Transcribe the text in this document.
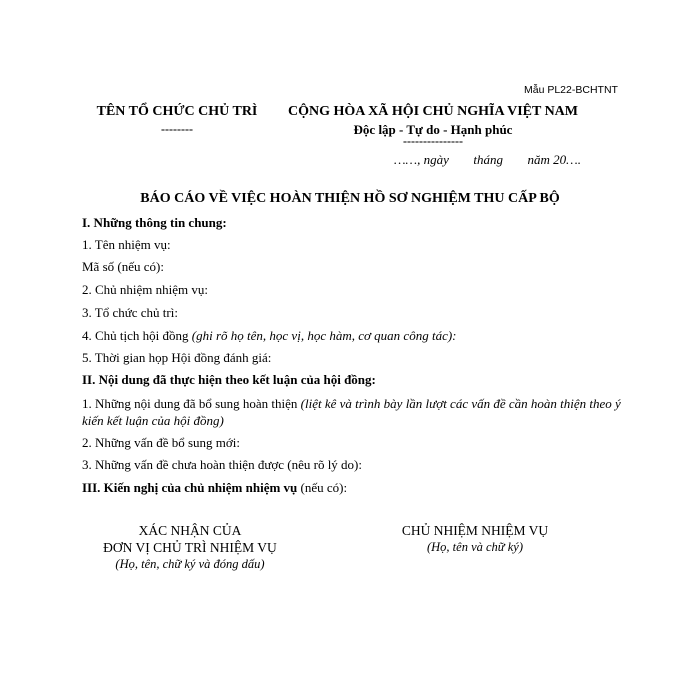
Mẫu PL22-BCHTNT
TÊN TỔ CHỨC CHỦ TRÌ
--------
CỘNG HÒA XÃ HỘI CHỦ NGHĨA VIỆT NAM
Độc lập - Tự do - Hạnh phúc
---------------
……, ngày tháng năm 20….
BÁO CÁO VỀ VIỆC HOÀN THIỆN HỒ SƠ NGHIỆM THU CẤP BỘ
I. Những thông tin chung:
1. Tên nhiệm vụ:
Mã số (nếu có):
2. Chủ nhiệm nhiệm vụ:
3. Tổ chức chủ trì:
4. Chủ tịch hội đồng (ghi rõ họ tên, học vị, học hàm, cơ quan công tác):
5. Thời gian họp Hội đồng đánh giá:
II. Nội dung đã thực hiện theo kết luận của hội đồng:
1. Những nội dung đã bổ sung hoàn thiện (liệt kê và trình bày lần lượt các vấn đề cần hoàn thiện theo ý kiến kết luận của hội đồng)
2. Những vấn đề bổ sung mới:
3. Những vấn đề chưa hoàn thiện được (nêu rõ lý do):
III. Kiến nghị của chủ nhiệm nhiệm vụ (nếu có):
XÁC NHẬN CỦA
ĐƠN VỊ CHỦ TRÌ NHIỆM VỤ
(Họ, tên, chữ ký và đóng dấu)
CHỦ NHIỆM NHIỆM VỤ
(Họ, tên và chữ ký)
